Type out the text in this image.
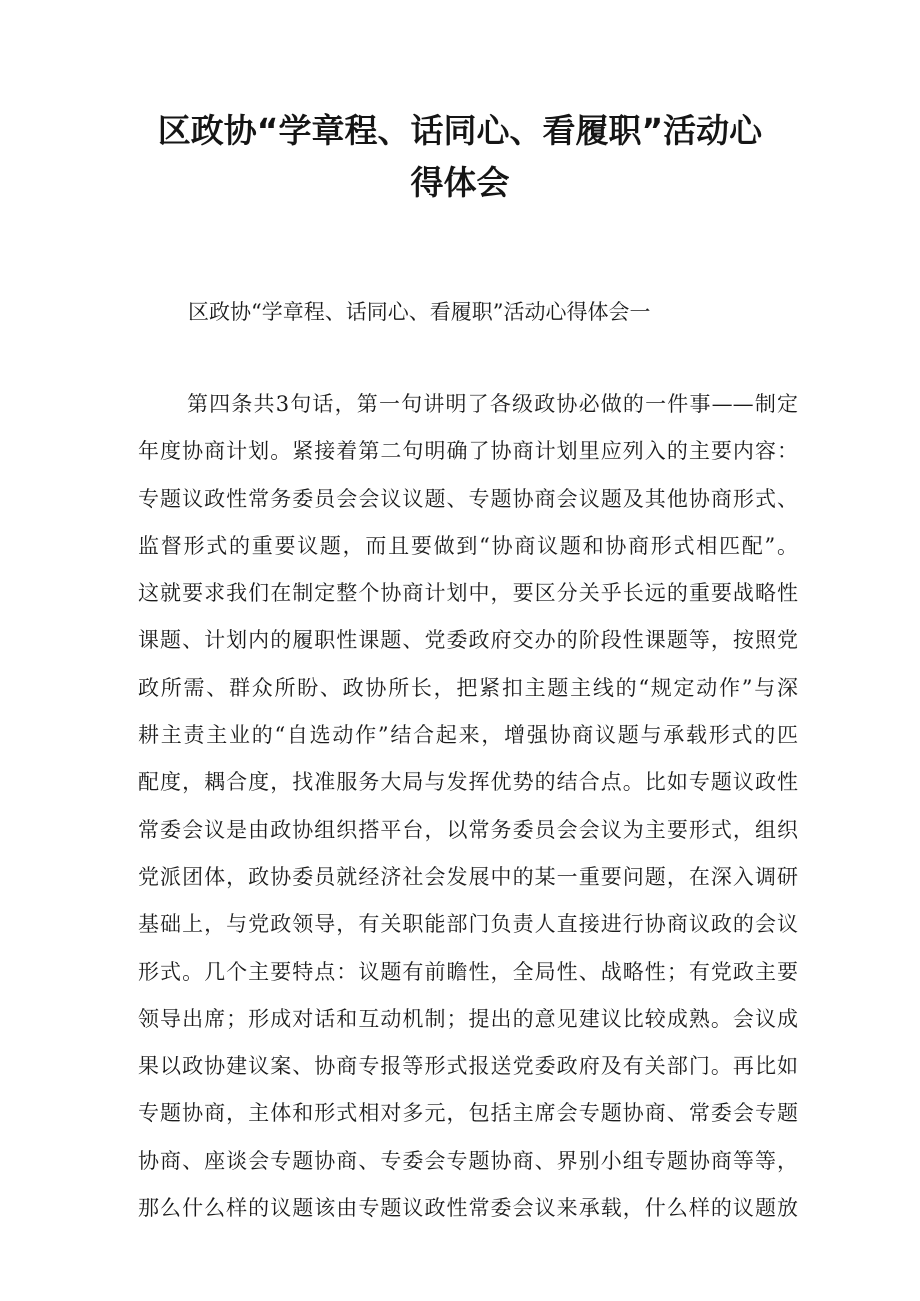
区政协“学章程、话同心、看履职”活动心
得体会

区政协“学章程、话同心、看履职”活动心得体会一

第四条共3句话，第一句讲明了各级政协必做的一件事——制定
年度协商计划。紧接着第二句明确了协商计划里应列入的主要内容：
专题议政性常务委员会会议议题、专题协商会议题及其他协商形式、
监督形式的重要议题，而且要做到“协商议题和协商形式相匹配”。
这就要求我们在制定整个协商计划中，要区分关乎长远的重要战略性
课题、计划内的履职性课题、党委政府交办的阶段性课题等，按照党
政所需、群众所盼、政协所长，把紧扣主题主线的“规定动作”与深
耕主责主业的“自选动作”结合起来，增强协商议题与承载形式的匹
配度，耦合度，找准服务大局与发挥优势的结合点。比如专题议政性
常委会议是由政协组织搭平台，以常务委员会会议为主要形式，组织
党派团体，政协委员就经济社会发展中的某一重要问题，在深入调研
基础上，与党政领导，有关职能部门负责人直接进行协商议政的会议
形式。几个主要特点：议题有前瞻性，全局性、战略性；有党政主要
领导出席；形成对话和互动机制；提出的意见建议比较成熟。会议成
果以政协建议案、协商专报等形式报送党委政府及有关部门。再比如
专题协商，主体和形式相对多元，包括主席会专题协商、常委会专题
协商、座谈会专题协商、专委会专题协商、界别小组专题协商等等，
那么什么样的议题该由专题议政性常委会议来承载，什么样的议题放
